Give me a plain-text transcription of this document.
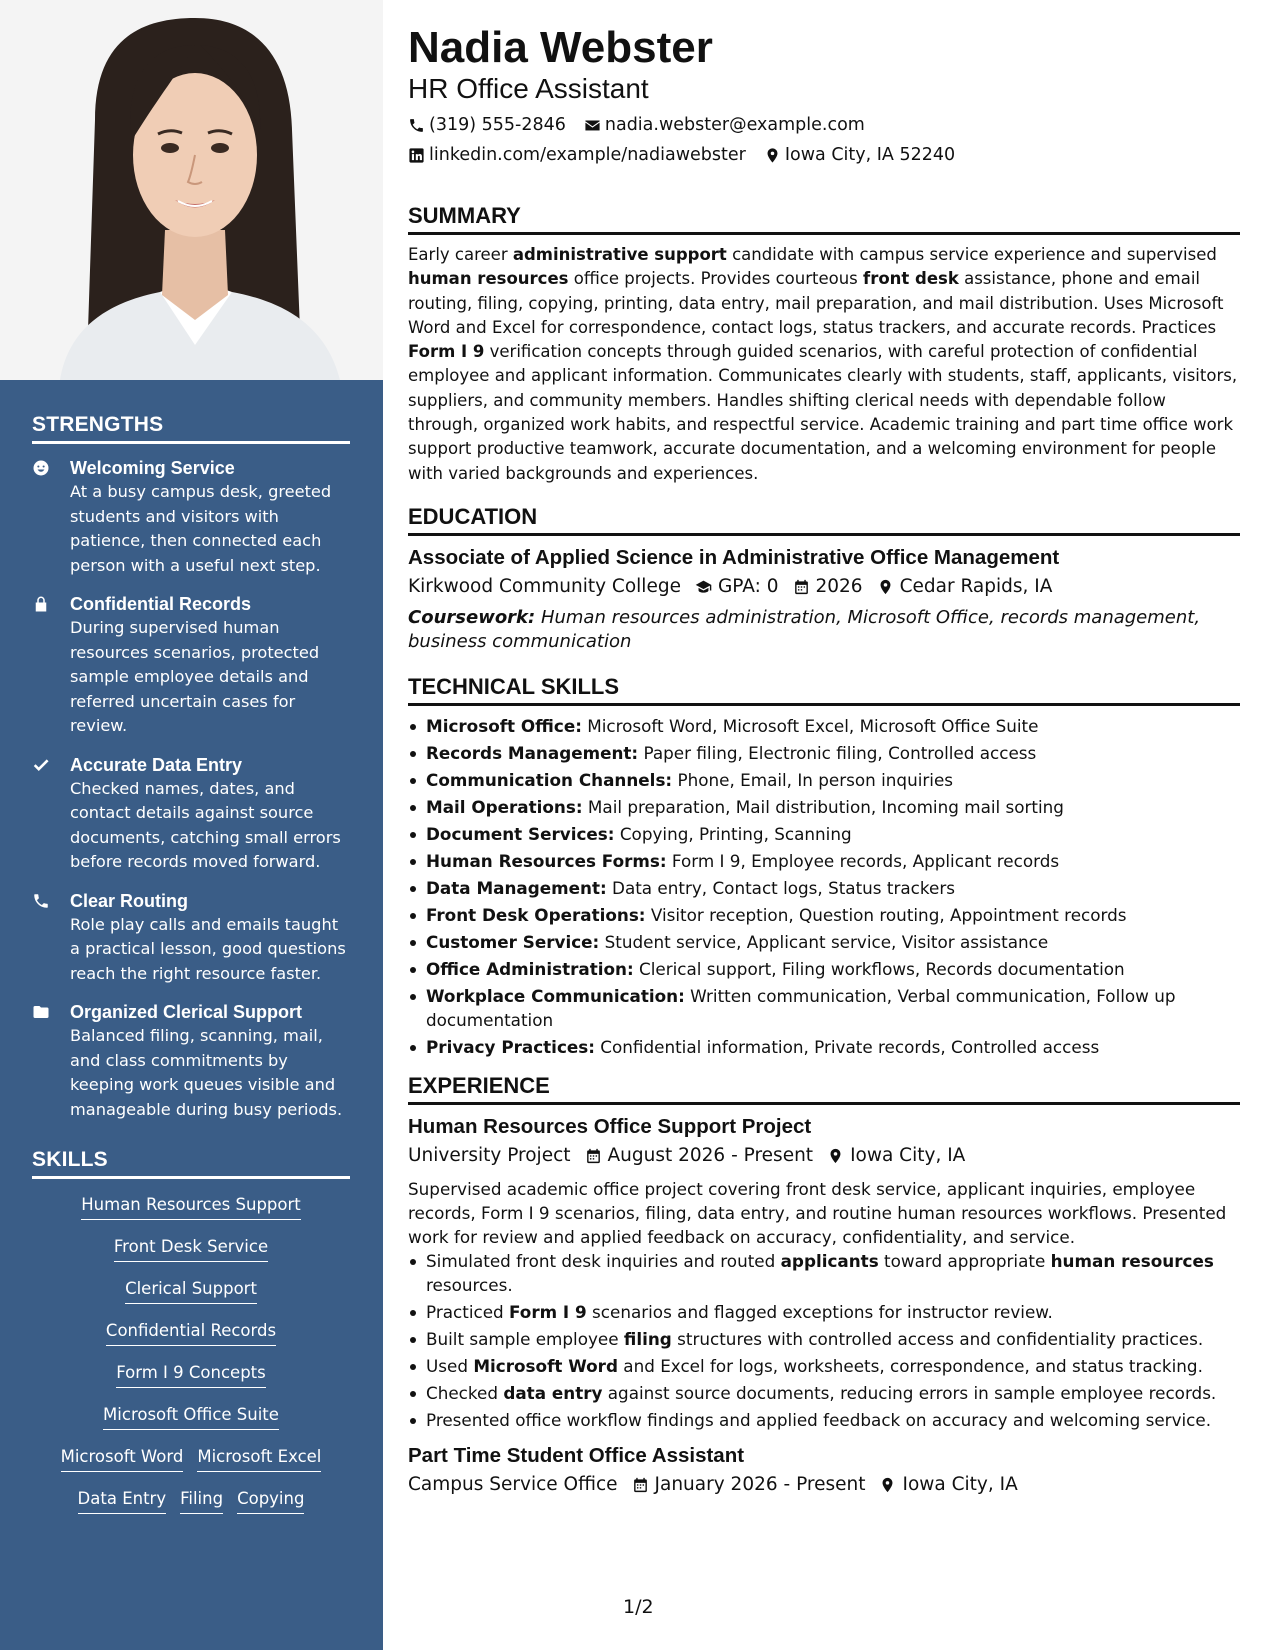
STRENGTHS
Welcoming Service
At a busy campus desk, greeted students and visitors with patience, then connected each person with a useful next step.
Confidential Records
During supervised human resources scenarios, protected sample employee details and referred uncertain cases for review.
Accurate Data Entry
Checked names, dates, and contact details against source documents, catching small errors before records moved forward.
Clear Routing
Role play calls and emails taught a practical lesson, good questions reach the right resource faster.
Organized Clerical Support
Balanced filing, scanning, mail, and class commitments by keeping work queues visible and manageable during busy periods.
SKILLS
Human Resources Support
Front Desk Service
Clerical Support
Confidential Records
Form I 9 Concepts
Microsoft Office Suite
Microsoft Word Microsoft Excel
Data Entry Filing Copying
Nadia Webster
HR Office Assistant
(319) 555-2846 nadia.webster@example.com
linkedin.com/example/nadiawebster Iowa City, IA 52240
SUMMARY
Early career administrative support candidate with campus service experience and supervised human resources office projects. Provides courteous front desk assistance, phone and email routing, filing, copying, printing, data entry, mail preparation, and mail distribution. Uses Microsoft Word and Excel for correspondence, contact logs, status trackers, and accurate records. Practices Form I 9 verification concepts through guided scenarios, with careful protection of confidential employee and applicant information. Communicates clearly with students, staff, applicants, visitors, suppliers, and community members. Handles shifting clerical needs with dependable follow through, organized work habits, and respectful service. Academic training and part time office work support productive teamwork, accurate documentation, and a welcoming environment for people with varied backgrounds and experiences.
EDUCATION
Associate of Applied Science in Administrative Office Management
Kirkwood Community College GPA: 0 2026 Cedar Rapids, IA
Coursework: Human resources administration, Microsoft Office, records management, business communication
TECHNICAL SKILLS
Microsoft Office: Microsoft Word, Microsoft Excel, Microsoft Office Suite
Records Management: Paper filing, Electronic filing, Controlled access
Communication Channels: Phone, Email, In person inquiries
Mail Operations: Mail preparation, Mail distribution, Incoming mail sorting
Document Services: Copying, Printing, Scanning
Human Resources Forms: Form I 9, Employee records, Applicant records
Data Management: Data entry, Contact logs, Status trackers
Front Desk Operations: Visitor reception, Question routing, Appointment records
Customer Service: Student service, Applicant service, Visitor assistance
Office Administration: Clerical support, Filing workflows, Records documentation
Workplace Communication: Written communication, Verbal communication, Follow up documentation
Privacy Practices: Confidential information, Private records, Controlled access
EXPERIENCE
Human Resources Office Support Project
University Project August 2026 - Present Iowa City, IA
Supervised academic office project covering front desk service, applicant inquiries, employee records, Form I 9 scenarios, filing, data entry, and routine human resources workflows. Presented work for review and applied feedback on accuracy, confidentiality, and service.
Simulated front desk inquiries and routed applicants toward appropriate human resources resources.
Practiced Form I 9 scenarios and flagged exceptions for instructor review.
Built sample employee filing structures with controlled access and confidentiality practices.
Used Microsoft Word and Excel for logs, worksheets, correspondence, and status tracking.
Checked data entry against source documents, reducing errors in sample employee records.
Presented office workflow findings and applied feedback on accuracy and welcoming service.
Part Time Student Office Assistant
Campus Service Office January 2026 - Present Iowa City, IA
1/2
